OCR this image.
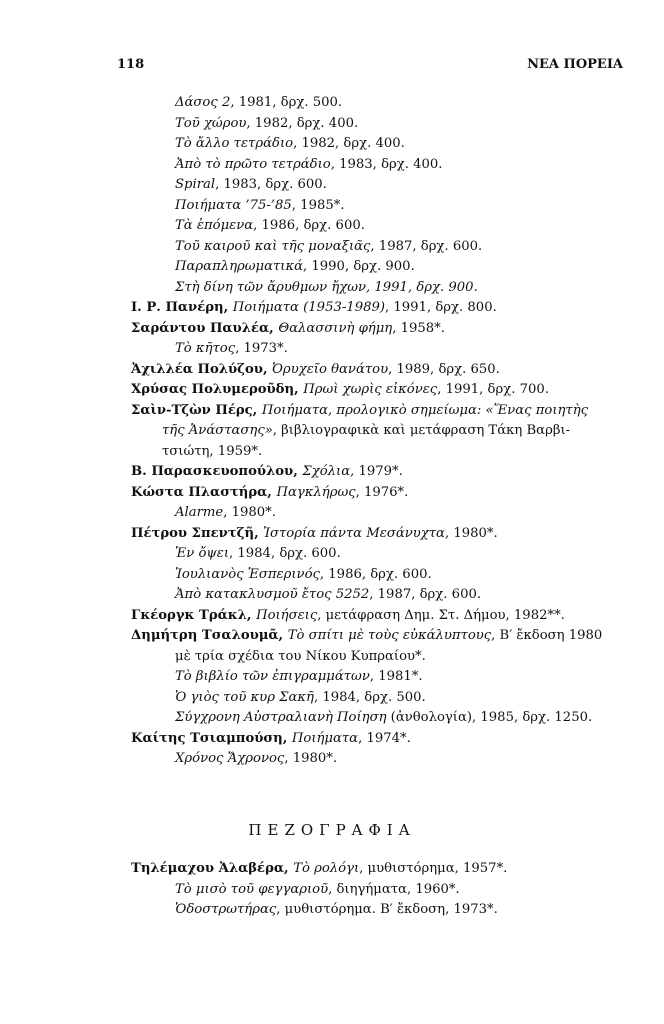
118	ΝΕΑ ΠΟΡΕΙΑ
Δάσος 2, 1981, δρχ. 500.
Τοῦ χώρου, 1982, δρχ. 400.
Τὸ ἄλλο τετράδιο, 1982, δρχ. 400.
Ἀπὸ τὸ πρῶτο τετράδιο, 1983, δρχ. 400.
Spiral, 1983, δρχ. 600.
Ποιήματα ’75-’85, 1985*.
Τὰ ἑπόμενα, 1986, δρχ. 600.
Τοῦ καιροῦ καὶ τῆς μοναξιᾶς, 1987, δρχ. 600.
Παραπληρωματικά, 1990, δρχ. 900.
Στὴ δίνη τῶν ἄρυθμων ἤχων, 1991, δρχ. 900.
Ι. Ρ. Πανέρη, Ποιήματα (1953-1989), 1991, δρχ. 800.
Σαράντου Παυλέα, Θαλασσινὴ φήμη, 1958*.
Τὸ κῆτος, 1973*.
Ἀχιλλέα Πολύζου, Ὀρυχεῖο θανάτου, 1989, δρχ. 650.
Χρύσας Πολυμεροῦδη, Πρωὶ χωρὶς εἰκόνες, 1991, δρχ. 700.
Σαὶν-Τζὼν Πέρς, Ποιήματα, προλογικὸ σημείωμα: «Ἕνας ποιητὴς
τῆς Ἀνάστασης», βιβλιογραφικὰ καὶ μετάφραση Τάκη Βαρβι-
τσιώτη, 1959*.
Β. Παρασκευοπούλου, Σχόλια, 1979*.
Κώστα Πλαστήρα, Παγκλήρως, 1976*.
Alarme, 1980*.
Πέτρου Σπεντζῆ, Ἱστορία πάντα Μεσάνυχτα, 1980*.
Ἐν ὄψει, 1984, δρχ. 600.
Ἰουλιανὸς Ἑσπερινός, 1986, δρχ. 600.
Ἀπὸ κατακλυσμοῦ ἔτος 5252, 1987, δρχ. 600.
Γκέοργκ Τράκλ, Ποιήσεις, μετάφραση Δημ. Στ. Δήμου, 1982**.
Δημήτρη Τσαλουμᾶ, Τὸ σπίτι μὲ τοὺς εὐκάλυπτους, Β′ ἔκδοση 1980
μὲ τρία σχέδια του Νίκου Κυπραίου*.
Τὸ βιβλίο τῶν ἐπιγραμμάτων, 1981*.
Ὁ γιὸς τοῦ κυρ Σακῆ, 1984, δρχ. 500.
Σύγχρονη Αὐστραλιανὴ Ποίηση (ἀνθολογία), 1985, δρχ. 1250.
Καίτης Τσιαμπούση, Ποιήματα, 1974*.
Χρόνος Ἄχρονος, 1980*.
ΠΕΖΟΓΡΑΦΙΑ
Τηλέμαχου Ἀλαβέρα, Τὸ ρολόγι, μυθιστόρημα, 1957*.
Τὸ μισὸ τοῦ φεγγαριοῦ, διηγήματα, 1960*.
Ὁδοστρωτήρας, μυθιστόρημα. Β′ ἔκδοση, 1973*.
